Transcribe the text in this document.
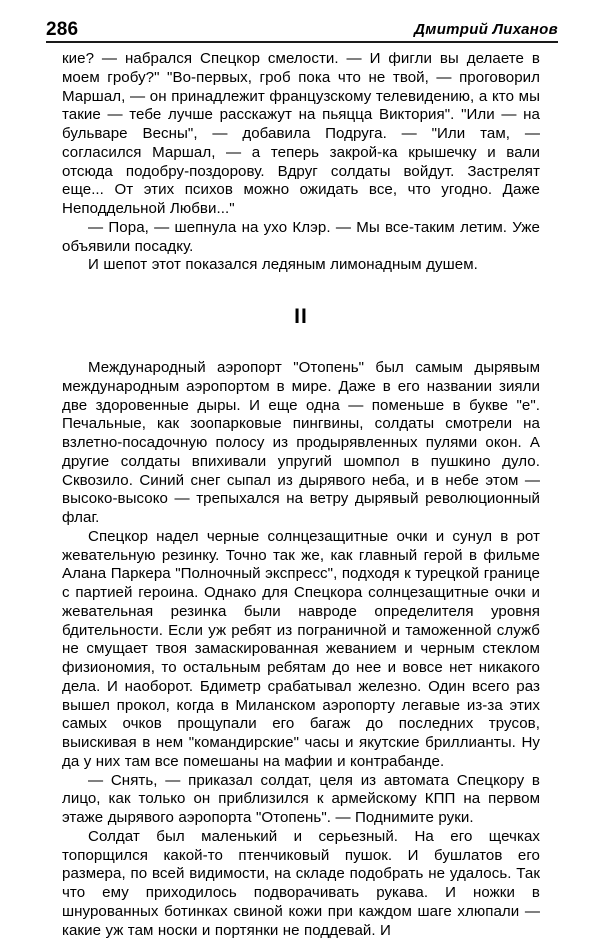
286	Дмитрий Лиханов

кие? — набрался Спецкор смелости. — И фигли вы делаете в моем гробу?" "Во-первых, гроб пока что не твой, — проговорил Маршал, — он принадлежит французскому телевидению, а кто мы такие — тебе лучше расскажут на пьяцца Виктория". "Или — на бульваре Весны", — добавила Подруга. — "Или там, — согласился Маршал, — а теперь закрой-ка крышечку и вали отсюда подобру-поздорову. Вдруг солдаты войдут. Застрелят еще... От этих психов можно ожидать все, что угодно. Даже Неподдельной Любви..."

— Пора, — шепнула на ухо Клэр. — Мы все-таким летим. Уже объявили посадку.

И шепот этот показался ледяным лимонадным душем.

II

Международный аэропорт "Отопень" был самым дырявым международным аэропортом в мире. Даже в его названии зияли две здоровенные дыры. И еще одна — поменьше в букве "е". Печальные, как зоопарковые пингвины, солдаты смотрели на взлетно-посадочную полосу из продырявленных пулями окон. А другие солдаты впихивали упругий шомпол в пушкино дуло. Сквозило. Синий снег сыпал из дырявого неба, и в небе этом — высоко-высоко — трепыхался на ветру дырявый революционный флаг.

Спецкор надел черные солнцезащитные очки и сунул в рот жевательную резинку. Точно так же, как главный герой в фильме Алана Паркера "Полночный экспресс", подходя к турецкой границе с партией героина. Однако для Спецкора солнцезащитные очки и жевательная резинка были навроде определителя уровня бдительности. Если уж ребят из пограничной и таможенной служб не смущает твоя замаскированная жеванием и черным стеклом физиономия, то остальным ребятам до нее и вовсе нет никакого дела. И наоборот. Бдиметр срабатывал железно. Один всего раз вышел прокол, когда в Миланском аэропорту легавые из-за этих самых очков прощупали его багаж до последних трусов, выискивая в нем "командирские" часы и якутские бриллианты. Ну да у них там все помешаны на мафии и контрабанде.

— Снять, — приказал солдат, целя из автомата Спецкору в лицо, как только он приблизился к армейскому КПП на первом этаже дырявого аэропорта "Отопень". — Поднимите руки.

Солдат был маленький и серьезный. На его щечках топорщился какой-то птенчиковый пушок. И бушлатов его размера, по всей видимости, на складе подобрать не удалось. Так что ему приходилось подворачивать рукава. И ножки в шнурованных ботинках свиной кожи при каждом шаге хлюпали — какие уж там носки и портянки не поддевай. И
